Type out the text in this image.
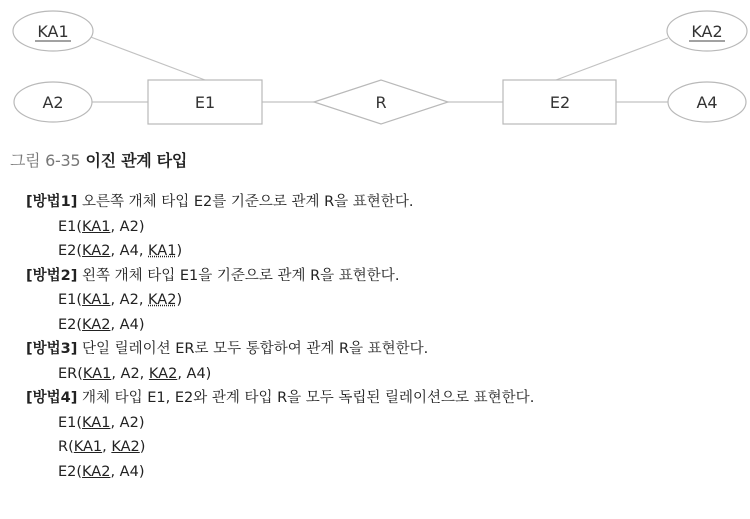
KA1
A2	E1	R	E2
KA2
A4
그림 6-35 이진 관계 타입
[방법1] 오른쪽 개체 타입 E2를 기준으로 관계 R을 표현한다.
E1(KA1, A2)
E2(KA2, A4, KA1)
[방법2] 왼쪽 개체 타입 E1을 기준으로 관계 R을 표현한다.
E1(KA1, A2, KA2)
E2(KA2, A4)
[방법3] 단일 릴레이션 ER로 모두 통합하여 관계 R을 표현한다.
ER(KA1, A2, KA2, A4)
[방법4] 개체 타입 E1, E2와 관계 타입 R을 모두 독립된 릴레이션으로 표현한다.
E1(KA1, A2)
R(KA1, KA2)
E2(KA2, A4)
